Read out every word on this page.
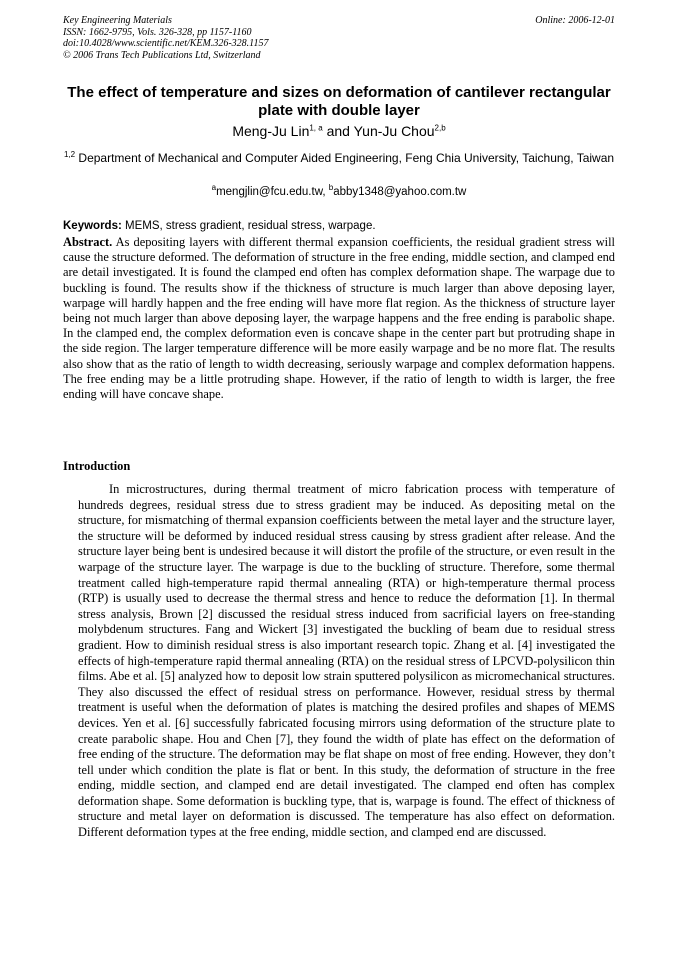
Key Engineering Materials
ISSN: 1662-9795, Vols. 326-328, pp 1157-1160
doi:10.4028/www.scientific.net/KEM.326-328.1157
© 2006 Trans Tech Publications Ltd, Switzerland
Online: 2006-12-01
The effect of temperature and sizes on deformation of cantilever rectangular plate with double layer
Meng-Ju Lin$^{1, a}$ and Yun-Ju Chou$^{2,b}$
$^{1,2}$ Department of Mechanical and Computer Aided Engineering, Feng Chia University, Taichung, Taiwan
$^a$mengjlin@fcu.edu.tw, $^b$abby1348@yahoo.com.tw
Keywords: MEMS, stress gradient, residual stress, warpage.
Abstract. As depositing layers with different thermal expansion coefficients, the residual gradient stress will cause the structure deformed. The deformation of structure in the free ending, middle section, and clamped end are detail investigated. It is found the clamped end often has complex deformation shape. The warpage due to buckling is found. The results show if the thickness of structure is much larger than above deposing layer, warpage will hardly happen and the free ending will have more flat region. As the thickness of structure layer being not much larger than above deposing layer, the warpage happens and the free ending is parabolic shape. In the clamped end, the complex deformation even is concave shape in the center part but protruding shape in the side region. The larger temperature difference will be more easily warpage and be no more flat. The results also show that as the ratio of length to width decreasing, seriously warpage and complex deformation happens. The free ending may be a little protruding shape. However, if the ratio of length to width is larger, the free ending will have concave shape.
Introduction
In microstructures, during thermal treatment of micro fabrication process with temperature of hundreds degrees, residual stress due to stress gradient may be induced. As depositing metal on the structure, for mismatching of thermal expansion coefficients between the metal layer and the structure layer, the structure will be deformed by induced residual stress causing by stress gradient after release. And the structure layer being bent is undesired because it will distort the profile of the structure, or even result in the warpage of the structure layer. The warpage is due to the buckling of structure. Therefore, some thermal treatment called high-temperature rapid thermal annealing (RTA) or high-temperature thermal process (RTP) is usually used to decrease the thermal stress and hence to reduce the deformation [1]. In thermal stress analysis, Brown [2] discussed the residual stress induced from sacrificial layers on free-standing molybdenum structures. Fang and Wickert [3] investigated the buckling of beam due to residual stress gradient. How to diminish residual stress is also important research topic. Zhang et al. [4] investigated the effects of high-temperature rapid thermal annealing (RTA) on the residual stress of LPCVD-polysilicon thin films. Abe et al. [5] analyzed how to deposit low strain sputtered polysilicon as micromechanical structures. They also discussed the effect of residual stress on performance. However, residual stress by thermal treatment is useful when the deformation of plates is matching the desired profiles and shapes of MEMS devices. Yen et al. [6] successfully fabricated focusing mirrors using deformation of the structure plate to create parabolic shape. Hou and Chen [7], they found the width of plate has effect on the deformation of free ending of the structure. The deformation may be flat shape on most of free ending. However, they don’t tell under which condition the plate is flat or bent. In this study, the deformation of structure in the free ending, middle section, and clamped end are detail investigated. The clamped end often has complex deformation shape. Some deformation is buckling type, that is, warpage is found. The effect of thickness of structure and metal layer on deformation is discussed. The temperature has also effect on deformation. Different deformation types at the free ending, middle section, and clamped end are discussed.
